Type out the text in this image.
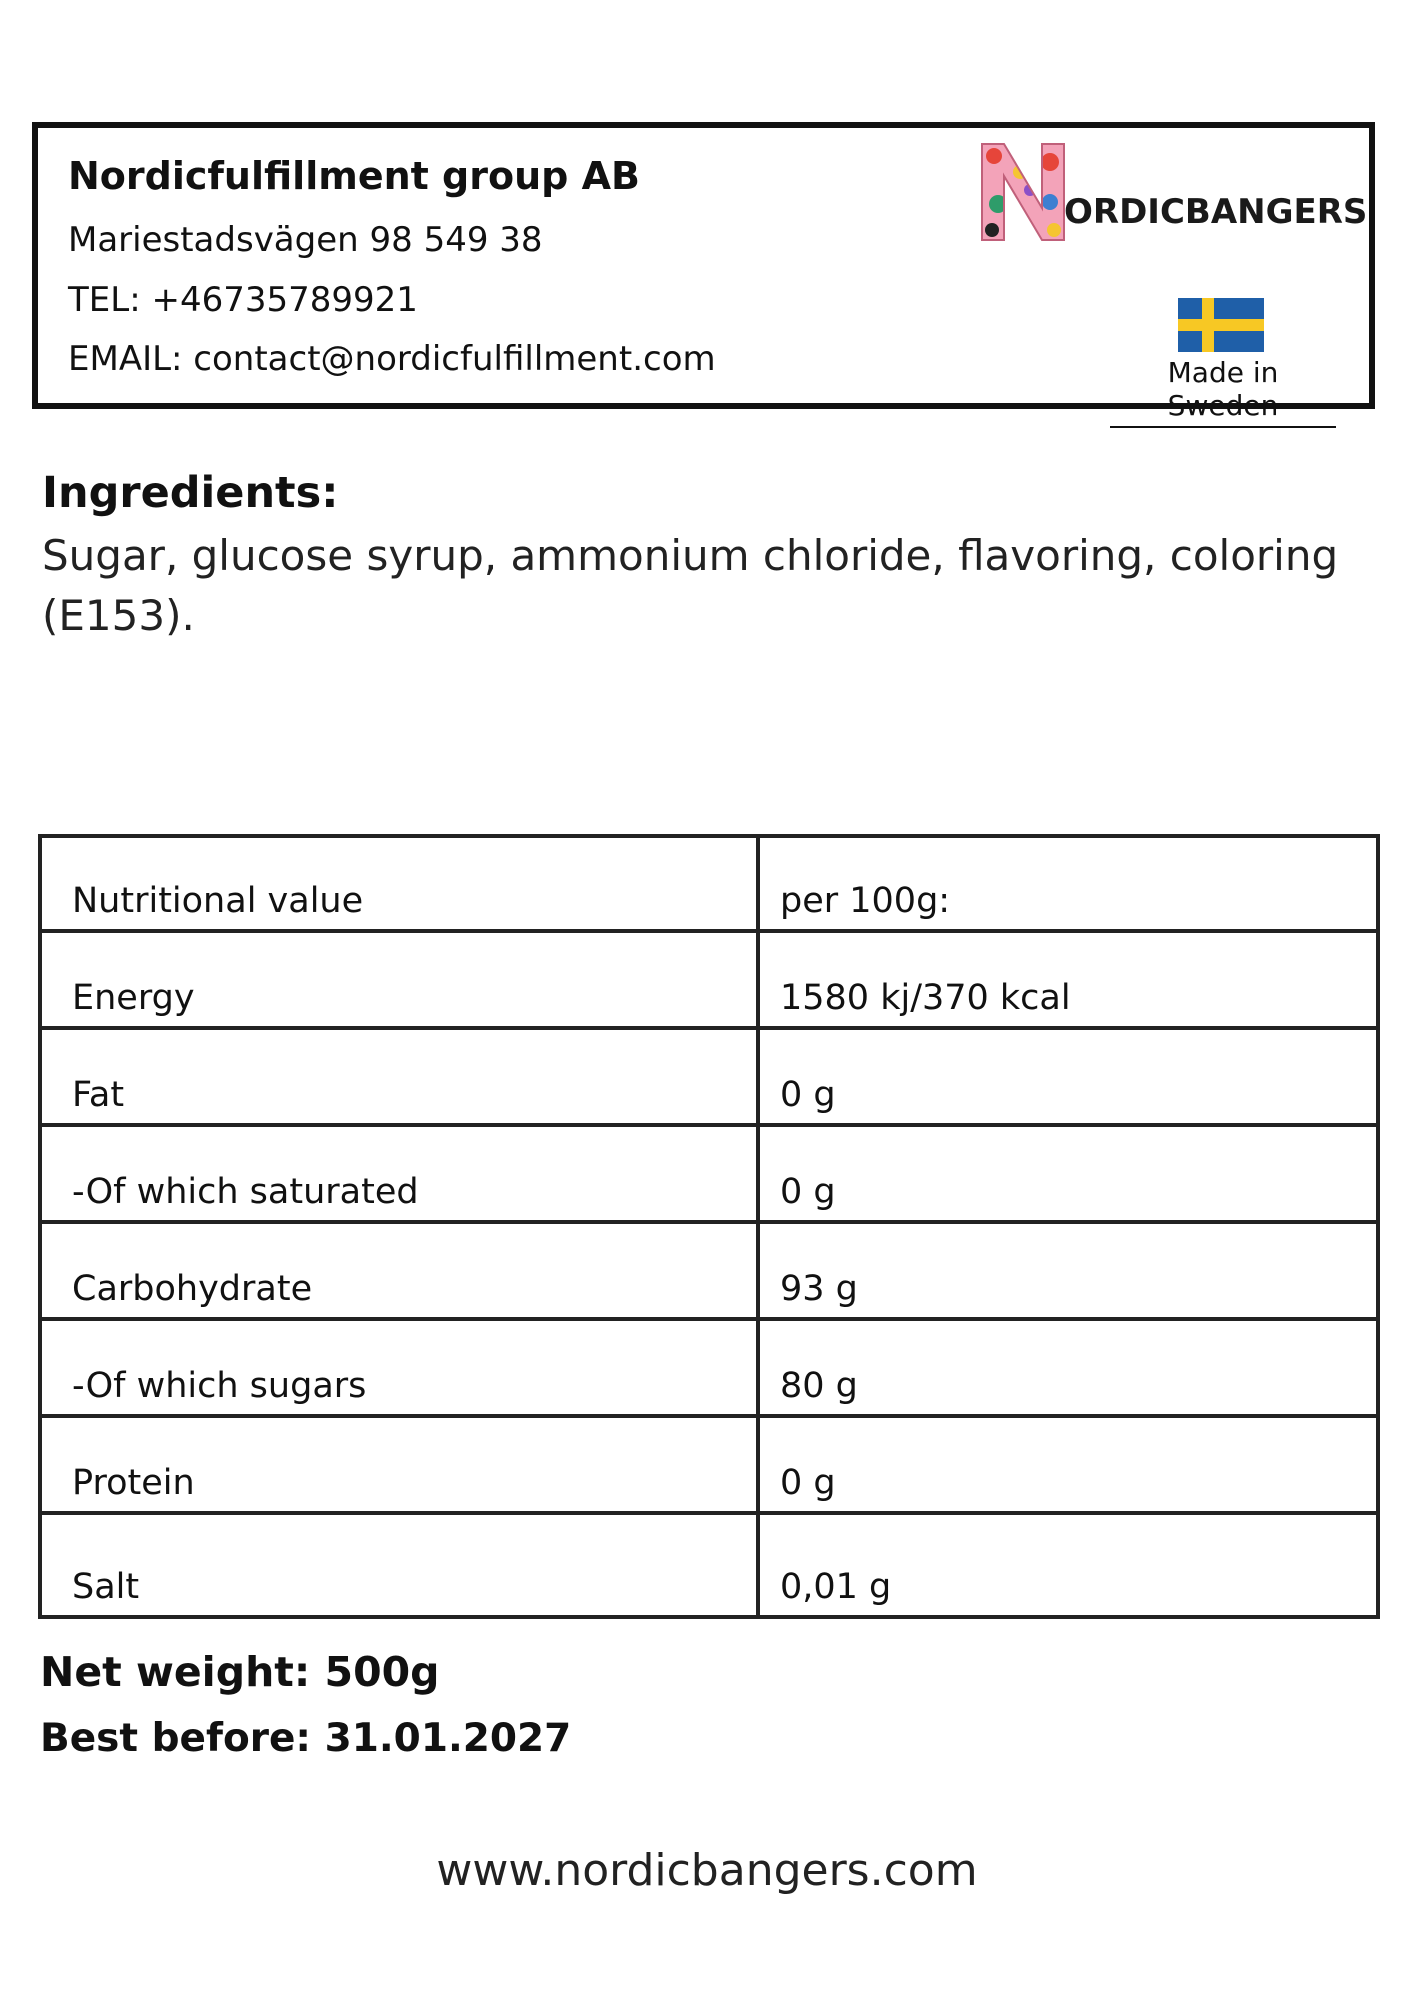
Nordicfulfillment group AB
Mariestadsvägen 98 549 38
TEL: +46735789921
EMAIL: contact@nordicfulfillment.com
ORDICBANGERS
Made in Sweden
Ingredients:
Sugar, glucose syrup, ammonium chloride, flavoring, coloring (E153).
Nutritional value	per 100g:
Energy	1580 kj/370 kcal
Fat	0 g
-Of which saturated	0 g
Carbohydrate	93 g
-Of which sugars	80 g
Protein	0 g
Salt	0,01 g
Net weight: 500g
Best before: 31.01.2027
www.nordicbangers.com
